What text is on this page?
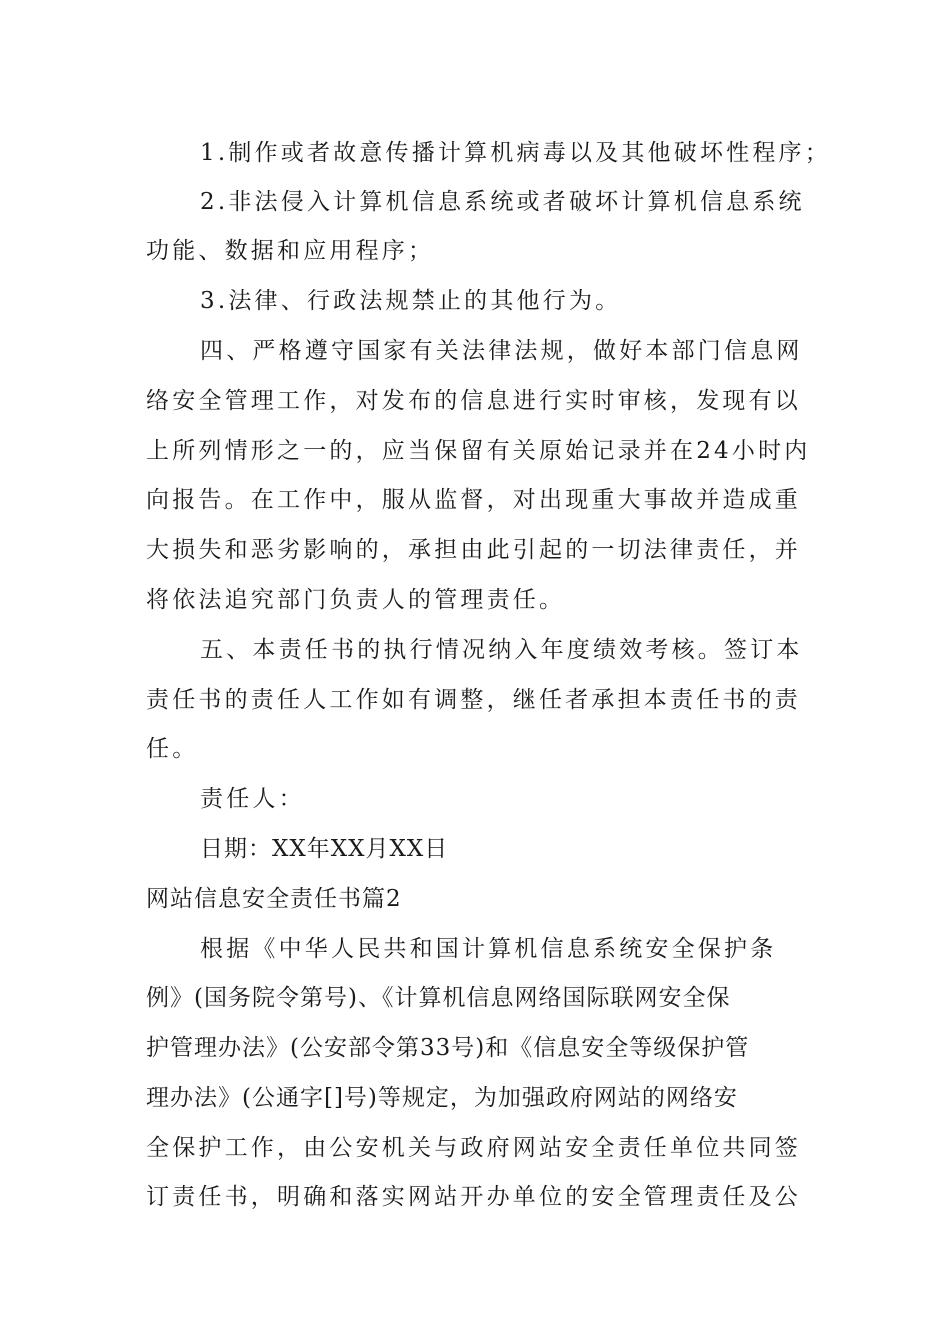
1.制作或者故意传播计算机病毒以及其他破坏性程序；
2.非法侵入计算机信息系统或者破坏计算机信息系统
功能、数据和应用程序；
3.法律、行政法规禁止的其他行为。
四、严格遵守国家有关法律法规，做好本部门信息网
络安全管理工作，对发布的信息进行实时审核，发现有以
上所列情形之一的，应当保留有关原始记录并在24小时内
向报告。在工作中，服从监督，对出现重大事故并造成重
大损失和恶劣影响的，承担由此引起的一切法律责任，并
将依法追究部门负责人的管理责任。
五、本责任书的执行情况纳入年度绩效考核。签订本
责任书的责任人工作如有调整，继任者承担本责任书的责
任。
责任人：
日期：XX年XX月XX日
网站信息安全责任书篇2
根据《中华人民共和国计算机信息系统安全保护条
例》(国务院令第号)、《计算机信息网络国际联网安全保
护管理办法》(公安部令第33号)和《信息安全等级保护管
理办法》(公通字[]号)等规定，为加强政府网站的网络安
全保护工作，由公安机关与政府网站安全责任单位共同签
订责任书，明确和落实网站开办单位的安全管理责任及公
